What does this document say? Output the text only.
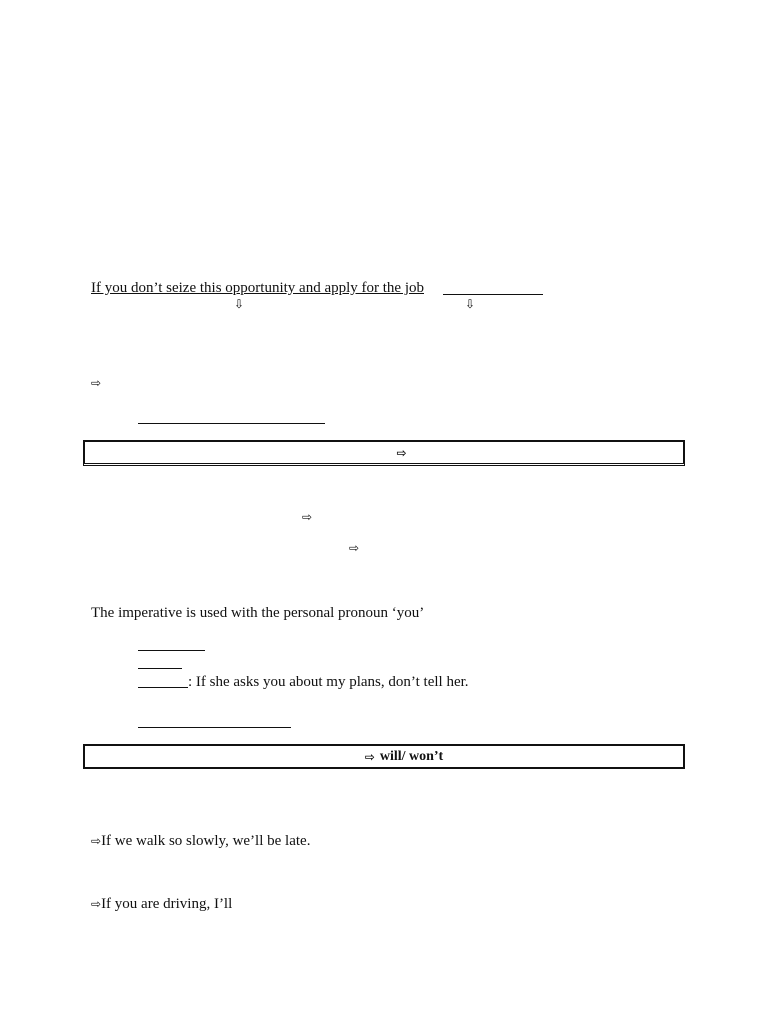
If you don’t seize this opportunity and apply for the job
⇩	⇩
⇨
⇨
⇨
⇨
The imperative is used with the personal pronoun ‘you’
: If she asks you about my plans, don’t tell her.
⇨ will/ won’t
⇨If we walk so slowly, we’ll be late.
⇨If you are driving, I’ll
